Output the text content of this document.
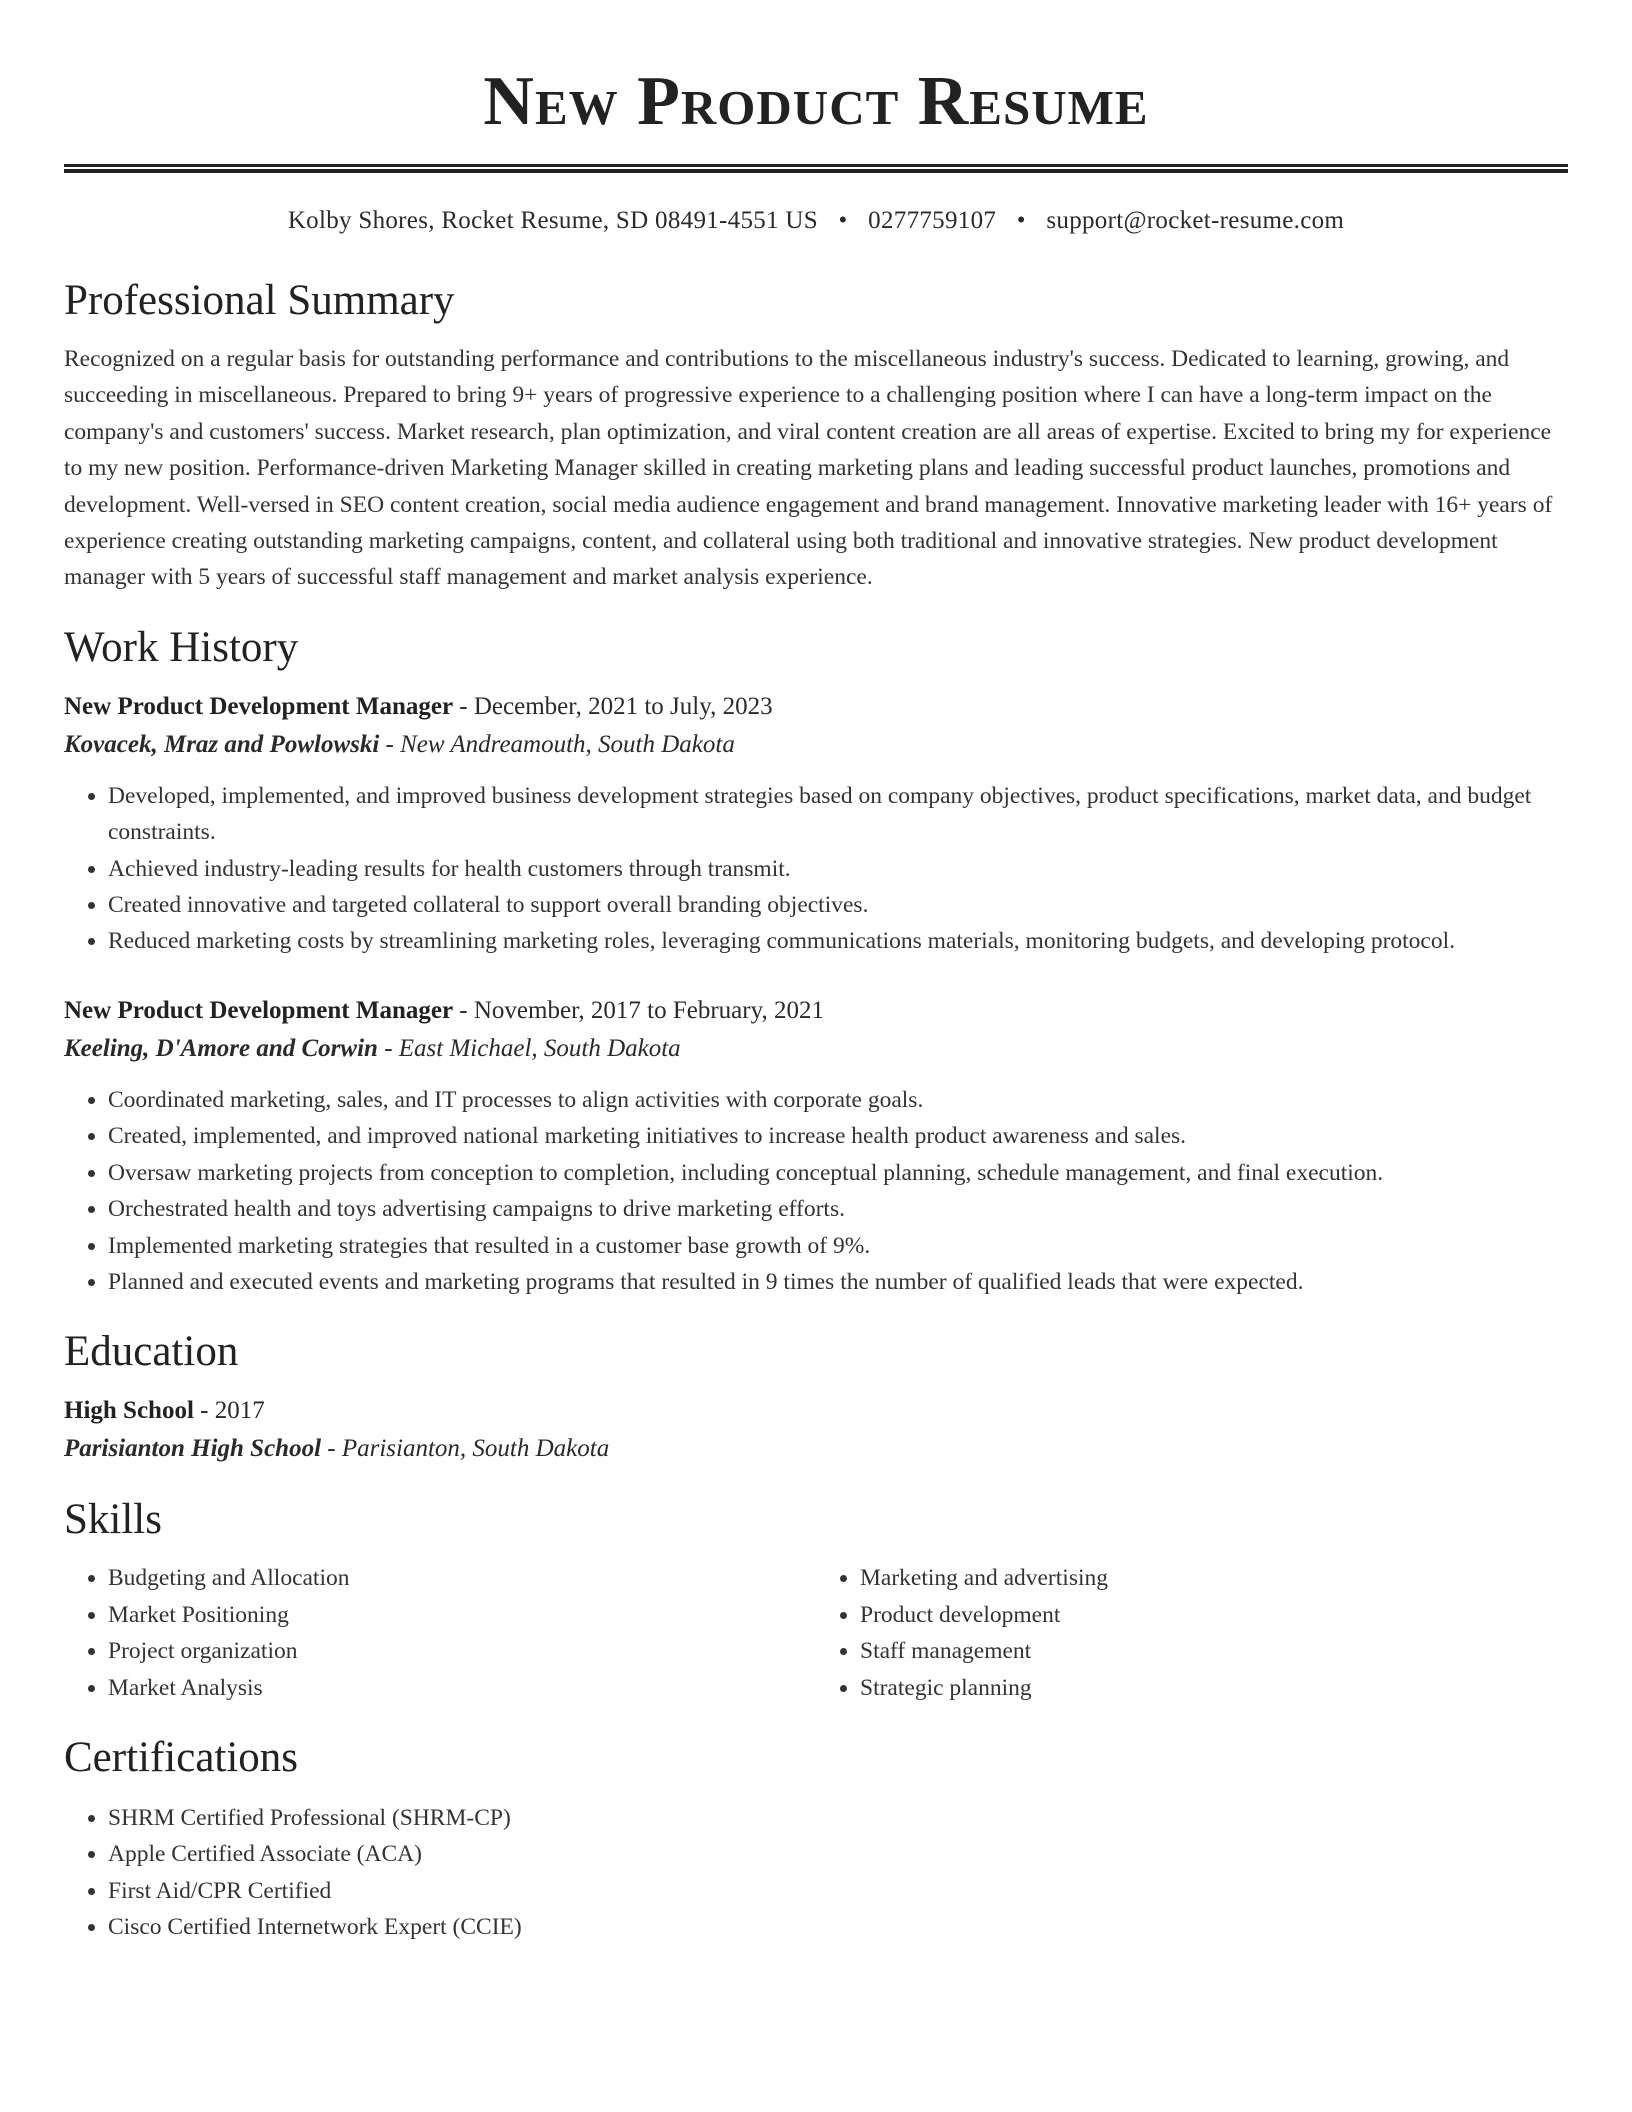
New Product Resume
Kolby Shores, Rocket Resume, SD 08491-4551 US • 0277759107 • support@rocket-resume.com
Professional Summary
Recognized on a regular basis for outstanding performance and contributions to the miscellaneous industry's success. Dedicated to learning, growing, and succeeding in miscellaneous. Prepared to bring 9+ years of progressive experience to a challenging position where I can have a long-term impact on the company's and customers' success. Market research, plan optimization, and viral content creation are all areas of expertise. Excited to bring my for experience to my new position. Performance-driven Marketing Manager skilled in creating marketing plans and leading successful product launches, promotions and development. Well-versed in SEO content creation, social media audience engagement and brand management. Innovative marketing leader with 16+ years of experience creating outstanding marketing campaigns, content, and collateral using both traditional and innovative strategies. New product development manager with 5 years of successful staff management and market analysis experience.
Work History
New Product Development Manager - December, 2021 to July, 2023
Kovacek, Mraz and Powlowski - New Andreamouth, South Dakota
• Developed, implemented, and improved business development strategies based on company objectives, product specifications, market data, and budget constraints.
• Achieved industry-leading results for health customers through transmit.
• Created innovative and targeted collateral to support overall branding objectives.
• Reduced marketing costs by streamlining marketing roles, leveraging communications materials, monitoring budgets, and developing protocol.
New Product Development Manager - November, 2017 to February, 2021
Keeling, D'Amore and Corwin - East Michael, South Dakota
• Coordinated marketing, sales, and IT processes to align activities with corporate goals.
• Created, implemented, and improved national marketing initiatives to increase health product awareness and sales.
• Oversaw marketing projects from conception to completion, including conceptual planning, schedule management, and final execution.
• Orchestrated health and toys advertising campaigns to drive marketing efforts.
• Implemented marketing strategies that resulted in a customer base growth of 9%.
• Planned and executed events and marketing programs that resulted in 9 times the number of qualified leads that were expected.
Education
High School - 2017
Parisianton High School - Parisianton, South Dakota
Skills
• Budgeting and Allocation
• Market Positioning
• Project organization
• Market Analysis
• Marketing and advertising
• Product development
• Staff management
• Strategic planning
Certifications
• SHRM Certified Professional (SHRM-CP)
• Apple Certified Associate (ACA)
• First Aid/CPR Certified
• Cisco Certified Internetwork Expert (CCIE)
